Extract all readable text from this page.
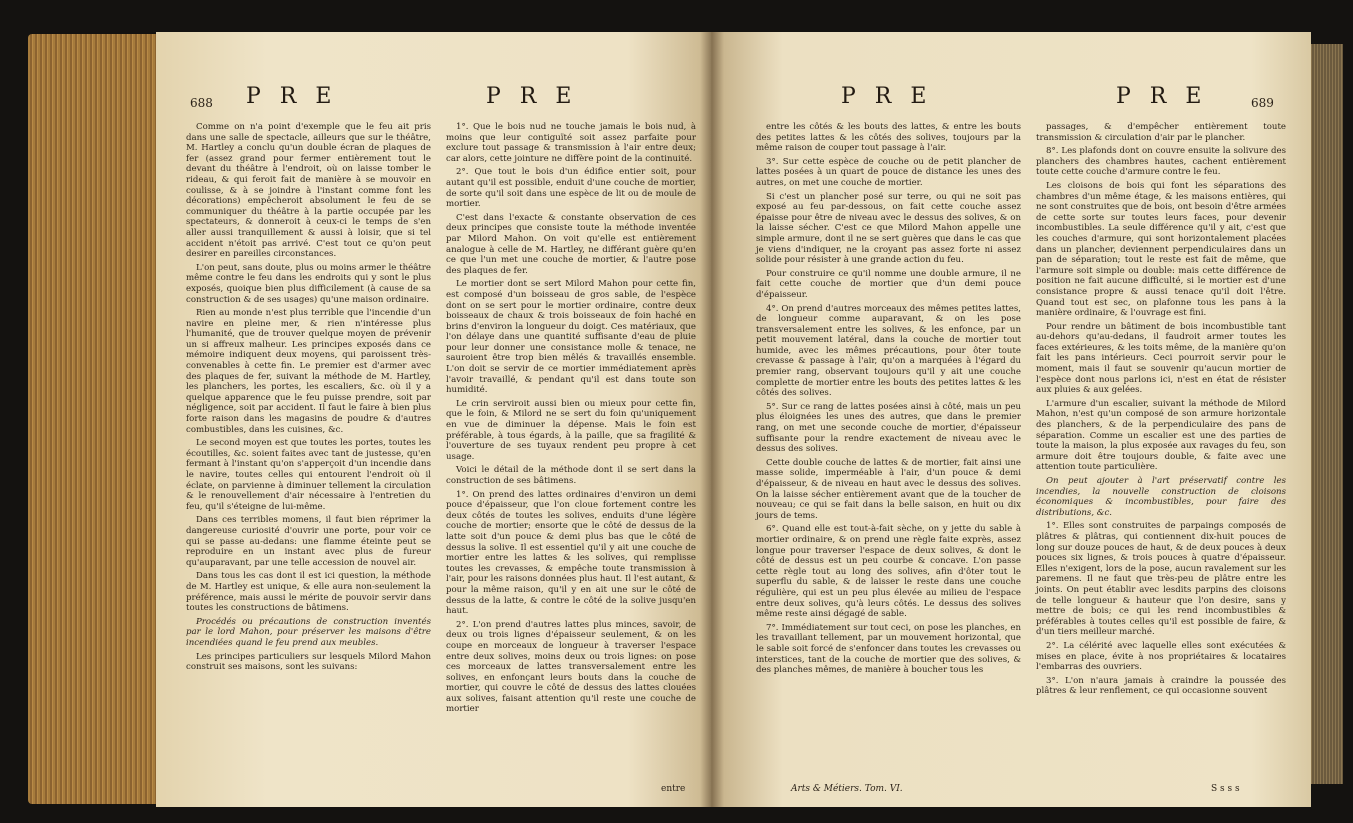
688 P R E	P R E

Comme on n'a point d'exemple que le feu ait pris dans une salle de spectacle, ailleurs que sur le théâtre, M. Hartley a conclu qu'un double écran de plaques de fer (assez grand pour fermer entièrement tout le devant du théâtre à l'endroit, où on laisse tomber le rideau, & qui feroit fait de manière à se mouvoir en coulisse, & à se joindre à l'instant comme font les décorations) empêcheroit absolument le feu de se communiquer du théâtre à la partie occupée par les spectateurs, & donneroit à ceux-ci le temps de s'en aller aussi tranquillement & aussi à loisir, que si tel accident n'étoit pas arrivé. C'est tout ce qu'on peut desirer en pareilles circonstances.

L'on peut, sans doute, plus ou moins armer le théâtre même contre le feu dans les endroits qui y sont le plus exposés, quoique bien plus difficilement (à cause de sa construction & de ses usages) qu'une maison ordinaire.

Rien au monde n'est plus terrible que l'incendie d'un navire en pleine mer, & rien n'intéresse plus l'humanité, que de trouver quelque moyen de prévenir un si affreux malheur. Les principes exposés dans ce mémoire indiquent deux moyens, qui paroissent très-convenables à cette fin. Le premier est d'armer avec des plaques de fer, suivant la méthode de M. Hartley, les planchers, les portes, les escaliers, &c. où il y a quelque apparence que le feu puisse prendre, soit par négligence, soit par accident. Il faut le faire à bien plus forte raison dans les magasins de poudre & d'autres combustibles, dans les cuisines, &c.

Le second moyen est que toutes les portes, toutes les écoutilles, &c. soient faites avec tant de justesse, qu'en fermant à l'instant qu'on s'apperçoit d'un incendie dans le navire, toutes celles qui entourent l'endroit où il éclate, on parvienne à diminuer tellement la circulation & le renouvellement d'air nécessaire à l'entretien du feu, qu'il s'éteigne de lui-même.

Dans ces terribles momens, il faut bien réprimer la dangereuse curiosité d'ouvrir une porte, pour voir ce qui se passe au-dedans: une flamme éteinte peut se reproduire en un instant avec plus de fureur qu'auparavant, par une telle accession de nouvel air.

Dans tous les cas dont il est ici question, la méthode de M. Hartley est unique, & elle aura non-seulement la préférence, mais aussi le mérite de pouvoir servir dans toutes les constructions de bâtimens.

Procédés ou précautions de construction inventés par le lord Mahon, pour préserver les maisons d'être incendiées quand le feu prend aux meubles.

Les principes particuliers sur lesquels Milord Mahon construit ses maisons, sont les suivans:

1°. Que le bois nud ne touche jamais le bois nud, à moins que leur contiguïté soit assez parfaite pour exclure tout passage & transmission à l'air entre deux; car alors, cette jointure ne diffère point de la continuité.

2°. Que tout le bois d'un édifice entier soit, pour autant qu'il est possible, enduit d'une couche de mortier, de sorte qu'il soit dans une espèce de lit ou de moule de mortier.

C'est dans l'exacte & constante observation de ces deux principes que consiste toute la méthode inventée par Milord Mahon. On voit qu'elle est entièrement analogue à celle de M. Hartley, ne différant guère qu'en ce que l'un met une couche de mortier, & l'autre pose des plaques de fer.

Le mortier dont se sert Milord Mahon pour cette fin, est composé d'un boisseau de gros sable, de l'espèce dont on se sert pour le mortier ordinaire, contre deux boisseaux de chaux & trois boisseaux de foin haché en brins d'environ la longueur du doigt. Ces matériaux, que l'on délaye dans une quantité suffisante d'eau de pluie pour leur donner une consistance molle & tenace, ne sauroient être trop bien mêlés & travaillés ensemble. L'on doit se servir de ce mortier immédiatement après l'avoir travaillé, & pendant qu'il est dans toute son humidité.

Le crin serviroit aussi bien ou mieux pour cette fin, que le foin, & Milord ne se sert du foin qu'uniquement en vue de diminuer la dépense. Mais le foin est préférable, à tous égards, à la paille, que sa fragilité & l'ouverture de ses tuyaux rendent peu propre à cet usage.

Voici le détail de la méthode dont il se sert dans la construction de ses bâtimens.

1°. On prend des lattes ordinaires d'environ un demi pouce d'épaisseur, que l'on cloue fortement contre les deux côtés de toutes les solives, enduits d'une légère couche de mortier; ensorte que le côté de dessus de la latte soit d'un pouce & demi plus bas que le côté de dessus la solive. Il est essentiel qu'il y ait une couche de mortier entre les lattes & les solives, qui remplisse toutes les crevasses, & empêche toute transmission à l'air, pour les raisons données plus haut. Il l'est autant, & pour la même raison, qu'il y en ait une sur le côté de dessus de la latte, & contre le côté de la solive jusqu'en haut.

2°. L'on prend d'autres lattes plus minces, savoir, de deux ou trois lignes d'épaisseur seulement, & on les coupe en morceaux de longueur à traverser l'espace entre deux solives, moins deux ou trois lignes: on pose ces morceaux de lattes transversalement entre les solives, en enfonçant leurs bouts dans la couche de mortier, qui couvre le côté de dessus des lattes clouées aux solives, faisant attention qu'il reste une couche de mortier

entre
P R E	P R E	689

entre les côtés & les bouts des lattes, & entre les bouts des petites lattes & les côtés des solives, toujours par la même raison de couper tout passage à l'air.

3°. Sur cette espèce de couche ou de petit plancher de lattes posées à un quart de pouce de distance les unes des autres, on met une couche de mortier.

Si c'est un plancher posé sur terre, ou qui ne soit pas exposé au feu par-dessous, on fait cette couche assez épaisse pour être de niveau avec le dessus des solives, & on la laisse sécher. C'est ce que Milord Mahon appelle une simple armure, dont il ne se sert guères que dans le cas que je viens d'indiquer, ne la croyant pas assez forte ni assez solide pour résister à une grande action du feu.

Pour construire ce qu'il nomme une double armure, il ne fait cette couche de mortier que d'un demi pouce d'épaisseur.

4°. On prend d'autres morceaux des mêmes petites lattes, de longueur comme auparavant, & on les pose transversalement entre les solives, & les enfonce, par un petit mouvement latéral, dans la couche de mortier tout humide, avec les mêmes précautions, pour ôter toute crevasse & passage à l'air, qu'on a marquées à l'égard du premier rang, observant toujours qu'il y ait une couche complette de mortier entre les bouts des petites lattes & les côtés des solives.

5°. Sur ce rang de lattes posées ainsi à côté, mais un peu plus éloignées les unes des autres, que dans le premier rang, on met une seconde couche de mortier, d'épaisseur suffisante pour la rendre exactement de niveau avec le dessus des solives.

Cette double couche de lattes & de mortier, fait ainsi une masse solide, imperméable à l'air, d'un pouce & demi d'épaisseur, & de niveau en haut avec le dessus des solives. On la laisse sécher entièrement avant que de la toucher de nouveau; ce qui se fait dans la belle saison, en huit ou dix jours de tems.

6°. Quand elle est tout-à-fait sèche, on y jette du sable à mortier ordinaire, & on prend une règle faite exprès, assez longue pour traverser l'espace de deux solives, & dont le côté de dessus est un peu courbe & concave. L'on passe cette règle tout au long des solives, afin d'ôter tout le superflu du sable, & de laisser le reste dans une couche régulière, qui est un peu plus élevée au milieu de l'espace entre deux solives, qu'à leurs côtés. Le dessus des solives même reste ainsi dégagé de sable.

7°. Immédiatement sur tout ceci, on pose les planches, en les travaillant tellement, par un mouvement horizontal, que le sable soit forcé de s'enfoncer dans toutes les crevasses ou interstices, tant de la couche de mortier que des solives, & des planches mêmes, de manière à boucher tous les

passages, & d'empêcher entièrement toute transmission & circulation d'air par le plancher.

8°. Les plafonds dont on couvre ensuite la solivure des planchers des chambres hautes, cachent entièrement toute cette couche d'armure contre le feu.

Les cloisons de bois qui font les séparations des chambres d'un même étage, & les maisons entières, qui ne sont construites que de bois, ont besoin d'être armées de cette sorte sur toutes leurs faces, pour devenir incombustibles. La seule différence qu'il y ait, c'est que les couches d'armure, qui sont horizontalement placées dans un plancher, deviennent perpendiculaires dans un pan de séparation; tout le reste est fait de même, que l'armure soit simple ou double: mais cette différence de position ne fait aucune difficulté, si le mortier est d'une consistance propre & aussi tenace qu'il doit l'être. Quand tout est sec, on plafonne tous les pans à la manière ordinaire, & l'ouvrage est fini.

Pour rendre un bâtiment de bois incombustible tant au-dehors qu'au-dedans, il faudroit armer toutes les faces extérieures, & les toits même, de la manière qu'on fait les pans intérieurs. Ceci pourroit servir pour le moment, mais il faut se souvenir qu'aucun mortier de l'espèce dont nous parlons ici, n'est en état de résister aux pluies & aux gelées.

L'armure d'un escalier, suivant la méthode de Milord Mahon, n'est qu'un composé de son armure horizontale des planchers, & de la perpendiculaire des pans de séparation. Comme un escalier est une des parties de toute la maison, la plus exposée aux ravages du feu, son armure doit être toujours double, & faite avec une attention toute particulière.

On peut ajouter à l'art préservatif contre les incendies, la nouvelle construction de cloisons économiques & incombustibles, pour faire des distributions, &c.

1°. Elles sont construites de parpaings composés de plâtres & plâtras, qui contiennent dix-huit pouces de long sur douze pouces de haut, & de deux pouces à deux pouces six lignes, & trois pouces à quatre d'épaisseur. Elles n'exigent, lors de la pose, aucun ravalement sur les paremens. Il ne faut que très-peu de plâtre entre les joints. On peut établir avec lesdits parpins des cloisons de telle longueur & hauteur que l'on desire, sans y mettre de bois; ce qui les rend incombustibles & préférables à toutes celles qu'il est possible de faire, & d'un tiers meilleur marché.

2°. La célérité avec laquelle elles sont exécutées & mises en place, évite à nos propriétaires & locataires l'embarras des ouvriers.

3°. L'on n'aura jamais à craindre la poussée des plâtres & leur renflement, ce qui occasionne souvent

Arts & Métiers. Tom. VI.	S s s s
